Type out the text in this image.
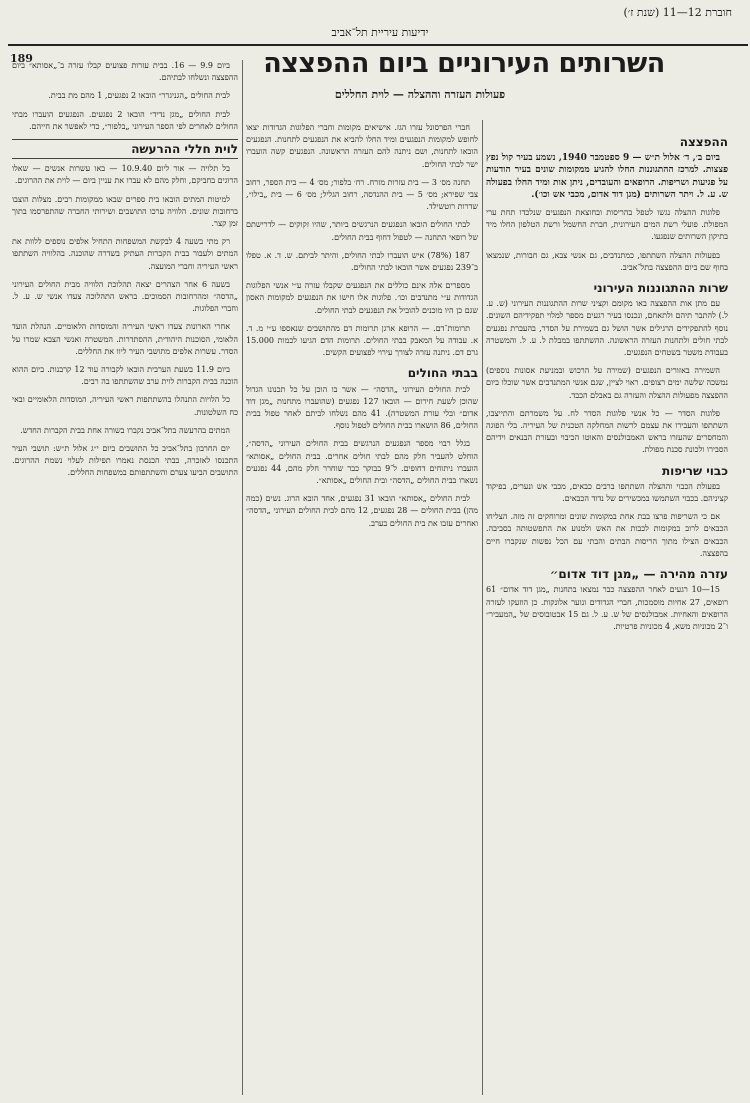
חוברת 12—11 (שנת ז׳)
ידיעות עיריית תל־אביב
189	השרותים העירוניים ביום ההפצצה
פעולות העזרה וההצלה — לוית החללים
ההפצצה

ביום ב׳, ד׳ אלול ת״ש — 9 ספטמבר 1940, נשמע בעיר קול נפץ פצצות. למרכז ההתגוננות החלו להגיע ממקומות שונים בעיר הודעות על פגיעות ושריפות. הרופאים והעובדים, ניתן אות ומיד החלו בפעולה ש. ע. ל. ויתר השרותים (מגן דוד אדום, מכבי אש וכו׳).

פלוגות ההצלה נגשו לטפל בהריסות ובחוצאת הנפגעים שנלכדו תחת ערי המפולת. פועלי רשת המים העירונית, חברת החשמל ורשת הטלפון החלו מיד בתיקון השרותים שנפגעו.

בפעולות ההצלה השתתפו, כמתנדבים, גם אנשי צבא, גם חבורות, שנמצאו בחוף שם ביום ההפצצה בתל־אביב.

שרות ההתגוננות העירוני

עם מתן אות ההפצצה באו מקומם וקציני שרות ההתגוננות העירוני (ש. ע. ל.) להתבר תיהם ולתאחם, ונכנסו בעיר רגעים מספר למלוי תפקידיהם השונים. נוסף להתפקידים הרגילים אשר הושל גם בשמירת על הסדר, בהעברת נפגעים לבתי חולים ולתחנות העזרה הראשונה. ההשתתפו במבלת ל. ע. ל. והמשטרה בעבודת משטר בשטחים הנפגעים.

השמירה באזורים הנפגעים (שמירה על הרכוש ובמניעת אסונות נוספים) נמשכה שלשה ימים רצופים. ראוי לציין, שגם אנשי המתנדבים אשר שוכלו ביום ההפצצה מפעולות ההצלה והעזרה גם באבלם הכבד.

פלוגות הסדר — כל אנשי פלוגות הסדר לח. על משמרתם והתייצבו, השתתפו והעבירו את עצמם לרשות המחלקה הטכנית של העיריה. בלי הפוגה והמחסרים שהעזרו בראש האמבולנסים והאוטו הכיבוי ובעזרת הבנאים וידיהם הסבירו ולכונת סכנת מפולת.

כבוי שריפות

בפעולת הכבוי וההצלה השתתפו ברבים כבאים, מכבי אש ונערים, בפיקוד קציניהם. בכבוי השתמשו במכשירים של נדוד הכבאים.

אם כי השריפות פרצו בבת אחת במקומות שונים ומרוחקים זה מזה. הצליחו הכבאים לרוב במקומות לכבות את האש ולמנוע את התפשטותה בסביבה. הכבאים הצילו מתוך הריסות הבתים והבתי עם הכל נפשות שנקברו חיים בהפצצה.

עזרה מהירה — „מגן דוד אדום״

15—10 רגעים לאחר ההפצצה כבר נמצאו בתחנות „מגן דוד אדום״ 61 רופאים, 27 אחיות מוסמכות, חברי הגדודים ונוער אלונקות. כן הוזעקו לעזרה הרופאים והאחיות. אמבולנסים של ש. ע. ל. גם 15 אבטובוסים של „המעביר״ ו־2 מכוניות משא, 4 מכוניות פרטיות.

חברי הפרסונל עזרו הגז. אישיאים מקומות וחברי הפלוגות הגדודות יצאו לחופש למקומות הנפגעים ומיד החלו להביא את הנפגעים לתחנות. הנפגעים הובאו לתחנות, ושם ניתנה להם העזרה הראשונה. הנפגעים קשה הועברו ישר לבתי החולים.

תחנה מס׳ 3 — בית עזרות מזרח. רח׳ בלפור; מס׳ 4 — בית הספר, רחוב צבי שפירא; מס׳ 5 — בית ההנדסה, רחוב הגליל; מס׳ 6 — בית „בילו״, שדרות רוטשילד.

לבתי החולים הובאו הנפגעים הנרגשים ביותר, שהיו זקוקים — לדרישתם של רופאי התחנה — לטפול דחוף בבית החולים.

187 (78%) איש הועברו לבתי החולים, והיתר לביתם. ש. ד. א. טפלו ב־239 נפגעים אשר הובאו לבתי החולים.

מספרים אלה אינם כוללים את הנפגעים שקבלו עזרה ע״י אנשי הפלוגות הגדודות ע״י מתנדבים וכו׳. פלוגות אלו חישו את הנפגעים למקומות האסון שגם כן היו מוכנים להוביל את הנפגעים לבתי החולים.

תרומות־דם. — הרופא ארגן תרומות דם מהתושבים שנאספו ע״י מ. ד. א. עבודה על המאבק בבתי החולים. תרומות הדם הגיעו לכמות 15.000 גרם דם. ניתנה עזרה לצורך עירוי לפצועים הקשים.

בבתי החולים

לבית החולים העירוני „הדסה״ — אשר בו הוכן על כל תכנונו הגדול שהוכן לשעת חירום — הובאו 127 נפגעים (שהועברו מתחנות „מגן דוד אדום״ ובלי עזרת המשטרה). 41 מהם נשלחו לביתם לאחר טפול בבית החולים, 86 הושארו בבית החולים לטפול נוסף.

בגלל רבוי מספר הנפגעים הנרגשים בבית החולים העירוני „הדסה״, הוחלט להעביר חלק מהם לבתי חולים אחרים. בבית החולים „אסותא״ הועברו ניתוחים דחופים. ל־9 בבוקר כבר שוחרר חלק מהם, 44 נפגעים נשארו בבית החולים „הדסה״ ובית החולים „אסותא״.

לבית החולים „אסותא״ הובאו 31 נפגעים, אחד הובא הרוג. נשים (כמה מהן) בבית החולים — 28 נפגעים, 12 מהם לבית החולים העירוני „הדסה״ ואחרים עזבו את בית החולים בערב.

ביום 9.9 — 16. בבית עזרות פצועים קבלו עזרה ב־„אסותא״ ביום ההפצצה ונשלחו לבתיהם.

לבית החולים „הגניגרר״ הובאו 2 נפגעים, 1 מהם מת בבית.

לבית החולים „מגן נדיד״ הובאו 2 נפגעים. הנפגעים הועברו מבתי החולים לאחרים לפי הספר העירוני „בלפור״, כדי לאפשר את חייהם.

לוית חללי ההרעשה

בל תלויה — אור ליום 10.9.40 — באו עשרות אנשים — שאלו הרוגים בחביקם, וחלק מהם לא עברו את עניין ביום — לוית את ההרוגים.

למיטות המתים הובאו בית ספרים שבאו ממקומות רבים. מצלות הוצבו ברחובות שונים. הלוויה ערכו התושבים ושירותי החברה שהתפרסמו בתוך זמן קצר.

רק מתי בשעה 4 לבקשת המשפחות התחיל אלפים נוספים ללוות את המתים ולעבור בבית הקברות העתיק בשדרה שהוכנה. בהלוויה השתתפו ראשי העיריה וחברי המועצה.

בשעה 6 אחר הצהרים יצאה תהלוכת הלוויה מבית החולים העירוני „הדסה״ ומהרחובות הסמוכים. בראש התהלוכה צעדו אנשי ש. ע. ל. וחברי הפלוגות.

אחרי הארונות צעדו ראשי העיריה והמוסדות הלאומיים. הנהלת הועד הלאומי, הסוכנות היהודית, ההסתדרות. המשטרה ואנשי הצבא שמרו על הסדר. עשרות אלפים מתושבי העיר ליוו את החללים.

ביום 11.9 בשעת הערבית הובאו לקבורה עוד 12 קרבנות. ביום ההוא הוכנה בבית הקברות לוית ערב שהשתתפו בה רבים.

כל הלויות התנהלו בהשתתפות ראשי העיריה, המוסדות הלאומיים ובאי כח השלטונות.

המתים בהרעשה בתל־אביב נקברו בשורה אחת בבית הקברות החדש.

יום החרבון בתל־אביב כל התושבים ביום י״ג אלול ת״ש: תושבי העיר התכנסו לאזכרה, בבתי הכנסת נאמרו תפילות לעלוי נשמת ההרוגים. התושבים הביעו צערם והשתתפותם במשפחות החללים.
